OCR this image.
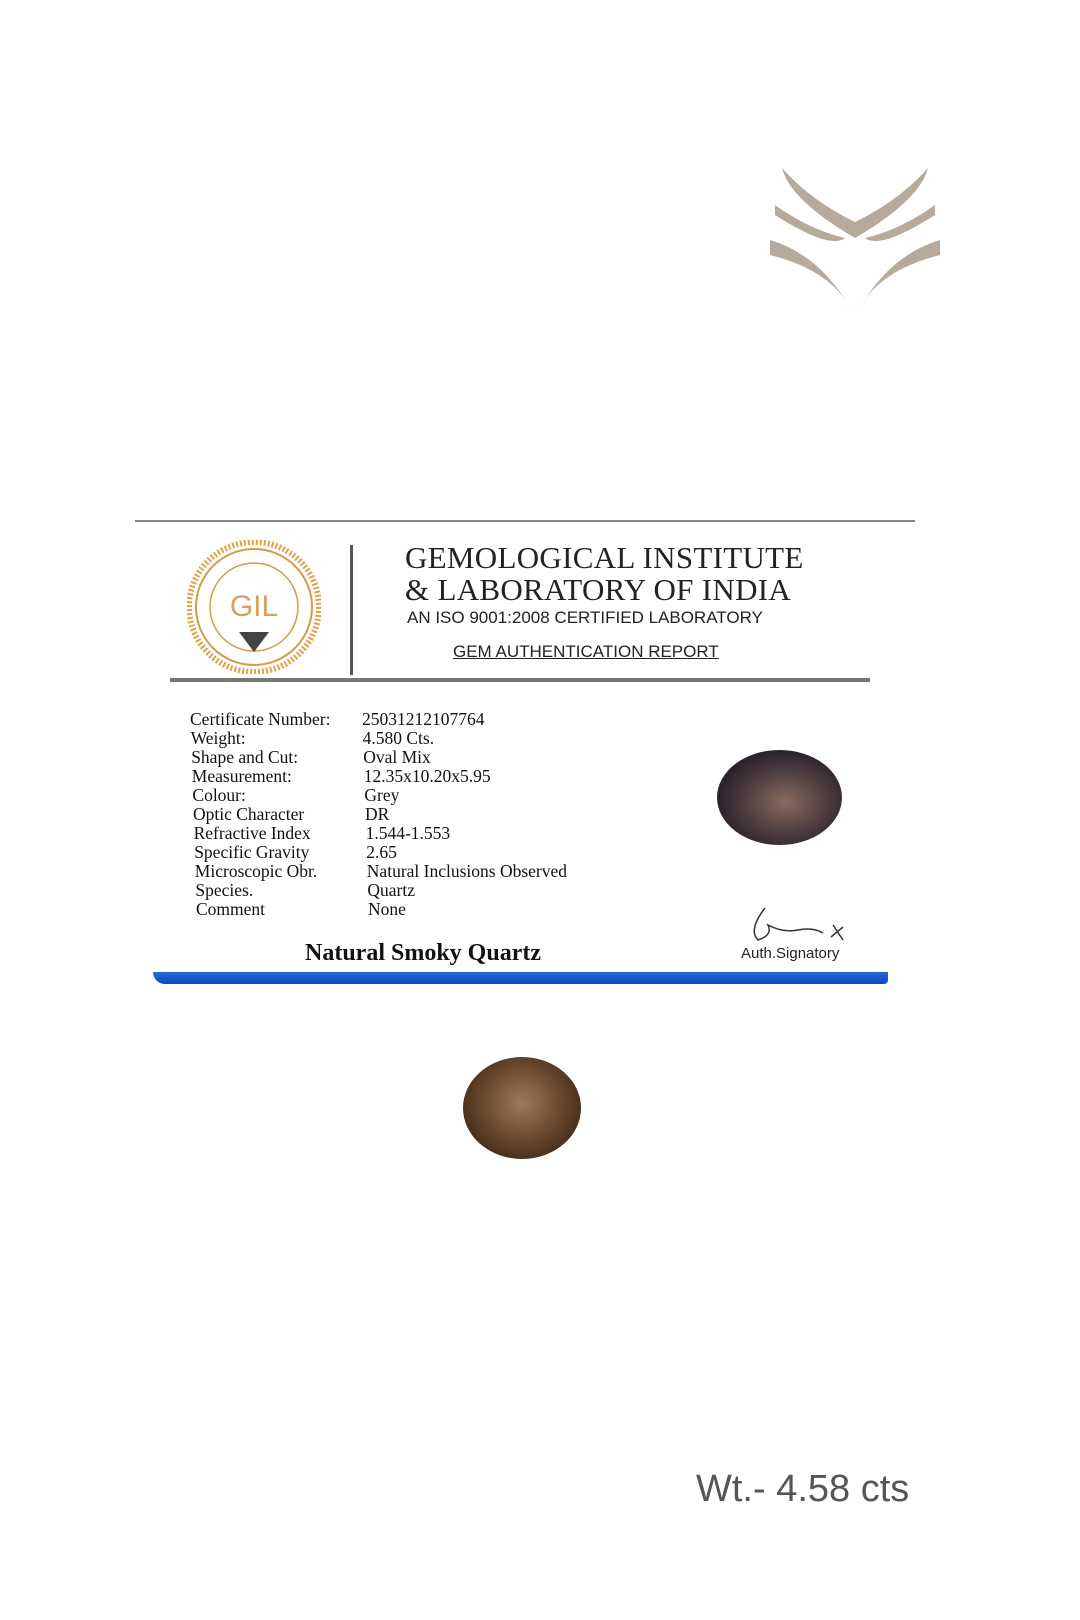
GIL
GEMOLOGICAL INSTITUTE
& LABORATORY OF INDIA
AN ISO 9001:2008 CERTIFIED LABORATORY
GEM AUTHENTICATION REPORT
Certificate Number:	25031212107764
Weight:	4.580 Cts.
Shape and Cut:	Oval Mix
Measurement:	12.35x10.20x5.95
Colour:	Grey
Optic Character	DR
Refractive Index	1.544-1.553
Specific Gravity	2.65
Microscopic Obr.	Natural Inclusions Observed
Species.	Quartz
Comment	None
Auth.Signatory
Natural Smoky Quartz
Wt.- 4.58 cts
